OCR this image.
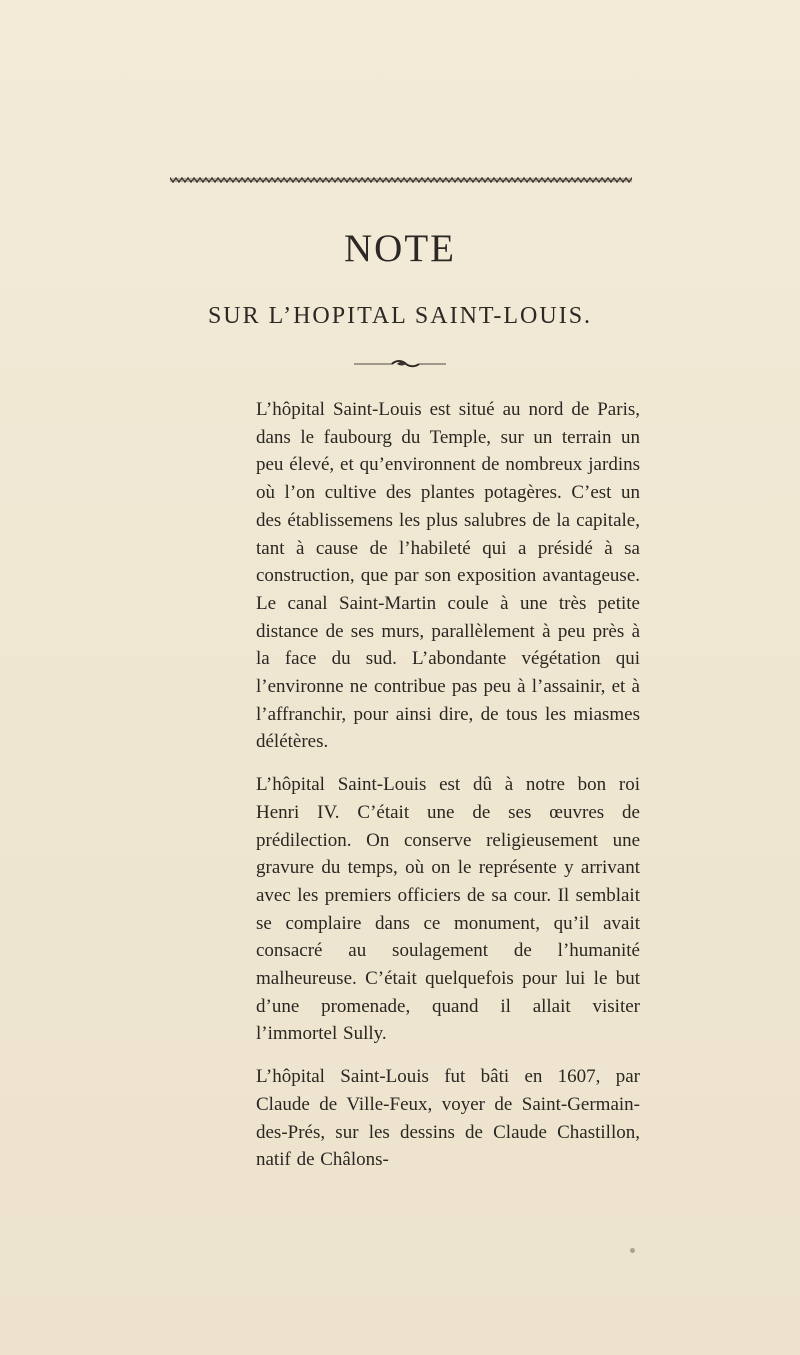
NOTE
SUR L’HOPITAL SAINT-LOUIS.

L’hôpital Saint-Louis est situé au nord de Paris, dans le faubourg du Temple, sur un terrain un peu élevé, et qu’environnent de nombreux jardins où l’on cultive des plantes potagères. C’est un des établissemens les plus salubres de la capitale, tant à cause de l’habileté qui a présidé à sa construction, que par son exposition avantageuse. Le canal Saint-Martin coule à une très petite distance de ses murs, parallèlement à peu près à la face du sud. L’abondante végétation qui l’environne ne contribue pas peu à l’assainir, et à l’affranchir, pour ainsi dire, de tous les miasmes délétères.

L’hôpital Saint-Louis est dû à notre bon roi Henri IV. C’était une de ses œuvres de prédilection. On conserve religieusement une gravure du temps, où on le représente y arrivant avec les premiers officiers de sa cour. Il semblait se complaire dans ce monument, qu’il avait consacré au soulagement de l’humanité malheureuse. C’était quelquefois pour lui le but d’une promenade, quand il allait visiter l’immortel Sully.

L’hôpital Saint-Louis fut bâti en 1607, par Claude de Ville-Feux, voyer de Saint-Germain-des-Prés, sur les dessins de Claude Chastillon, natif de Châlons-
